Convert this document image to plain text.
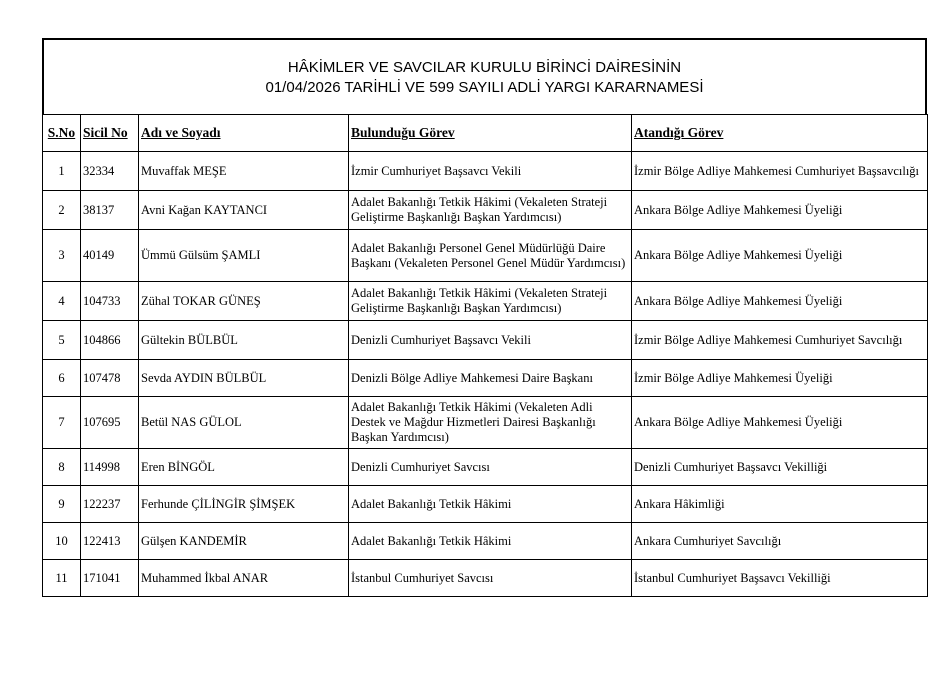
HÂKİMLER VE SAVCILAR KURULU BİRİNCİ DAİRESİNİN
01/04/2026 TARİHLİ VE 599 SAYILI ADLİ YARGI KARARNAMESİ
S.No	Sicil No	Adı ve Soyadı	Bulunduğu Görev	Atandığı Görev
1	32334	Muvaffak MEŞE	İzmir Cumhuriyet Başsavcı Vekili	İzmir Bölge Adliye Mahkemesi Cumhuriyet Başsavcılığı
2	38137	Avni Kağan KAYTANCI	Adalet Bakanlığı Tetkik Hâkimi (Vekaleten Strateji Geliştirme Başkanlığı Başkan Yardımcısı)	Ankara Bölge Adliye Mahkemesi Üyeliği
3	40149	Ümmü Gülsüm ŞAMLI	Adalet Bakanlığı Personel Genel Müdürlüğü Daire Başkanı (Vekaleten Personel Genel Müdür Yardımcısı)	Ankara Bölge Adliye Mahkemesi Üyeliği
4	104733	Zühal TOKAR GÜNEŞ	Adalet Bakanlığı Tetkik Hâkimi (Vekaleten Strateji Geliştirme Başkanlığı Başkan Yardımcısı)	Ankara Bölge Adliye Mahkemesi Üyeliği
5	104866	Gültekin BÜLBÜL	Denizli Cumhuriyet Başsavcı Vekili	İzmir Bölge Adliye Mahkemesi Cumhuriyet Savcılığı
6	107478	Sevda AYDIN BÜLBÜL	Denizli Bölge Adliye Mahkemesi Daire Başkanı	İzmir Bölge Adliye Mahkemesi Üyeliği
7	107695	Betül NAS GÜLOL	Adalet Bakanlığı Tetkik Hâkimi (Vekaleten Adli Destek ve Mağdur Hizmetleri Dairesi Başkanlığı Başkan Yardımcısı)	Ankara Bölge Adliye Mahkemesi Üyeliği
8	114998	Eren BİNGÖL	Denizli Cumhuriyet Savcısı	Denizli Cumhuriyet Başsavcı Vekilliği
9	122237	Ferhunde ÇİLİNGİR ŞİMŞEK	Adalet Bakanlığı Tetkik Hâkimi	Ankara Hâkimliği
10	122413	Gülşen KANDEMİR	Adalet Bakanlığı Tetkik Hâkimi	Ankara Cumhuriyet Savcılığı
11	171041	Muhammed İkbal ANAR	İstanbul Cumhuriyet Savcısı	İstanbul Cumhuriyet Başsavcı Vekilliği
